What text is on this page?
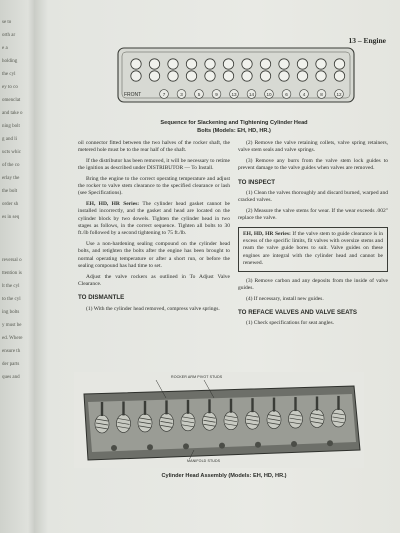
se to
orth ar
e a
holding
the cyl
ey to co
omenclat
and take o
ning bolt
g and li
ucts whic
of the co
erlay the
the bolt
order sh
es in seq
reversal o
ttention is
lt the cyl
to the cyl
ing bolts
y must be
ed. Where
ensure th
der parts
ques and
13 – Engine
FRONT	7	3	5	9	13	14	10	6	4	8	12
Sequence for Slackening and Tightening Cylinder Head
Bolts (Models: EH, HD, HR.)

oil connector fitted between the two halves of the rocker shaft, the metered hole must be to the rear half of the shaft.

If the distributor has been removed, it will be necessary to retime the ignition as described under DISTRIBUTOR — To Install.

Bring the engine to the correct operating temperature and adjust the rocker to valve stem clearance to the specified clearance or lash (see Specifications).

EH, HD, HR Series: The cylinder head gasket cannot be installed incorrectly, and the gasket and head are located on the cylinder block by two dowels. Tighten the cylinder head in two stages as follows, in the correct sequence. Tighten all bolts to 30 ft./lb followed by a second tightening to 75 ft./lb.

Use a non-hardening sealing compound on the cylinder head bolts, and retighten the bolts after the engine has been brought to normal operating temperature or after a short run, or before the sealing compound has had time to set.

Adjust the valve rockers as outlined in To Adjust Valve Clearance.

TO DISMANTLE

(1) With the cylinder head removed, compress valve springs.

(2) Remove the valve retaining collets, valve spring retainers, valve stem seals and valve springs.

(3) Remove any burrs from the valve stem lock guides to prevent damage to the valve guides when valves are removed.

TO INSPECT

(1) Clean the valves thoroughly and discard burned, warped and cracked valves.

(2) Measure the valve stems for wear. If the wear exceeds .002" replace the valve.

EH, HD, HR Series: If the valve stem to guide clearance is in excess of the specific limits, fit valves with oversize stems and ream the valve guide bores to suit. Valve guides on these engines are integral with the cylinder head and cannot be renewed.

(3) Remove carbon and any deposits from the inside of valve guides.

(4) If necessary, install new guides.

TO REFACE VALVES AND VALVE SEATS

(1) Check specifications for seat angles.

ROCKER ARM PIVOT STUDS
MANIFOLD STUDS
Cylinder Head Assembly (Models: EH, HD, HR.)
